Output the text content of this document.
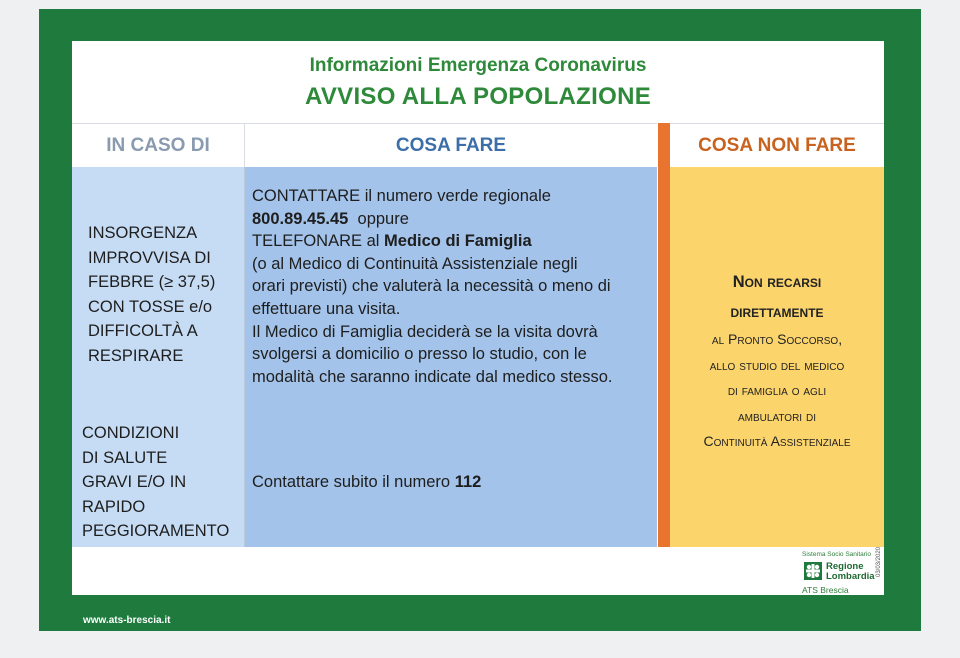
Informazioni Emergenza Coronavirus
AVVISO ALLA POPOLAZIONE
IN CASO DI	COSA FARE	COSA NON FARE
INSORGENZA
IMPROVVISA DI
FEBBRE (≥ 37,5)
CON TOSSE e/o
DIFFICOLTÀ A
RESPIRARE
CONTATTARE il numero verde regionale
800.89.45.45 oppure
TELEFONARE al Medico di Famiglia
(o al Medico di Continuità Assistenziale negli
orari previsti) che valuterà la necessità o meno di
effettuare una visita.
Il Medico di Famiglia deciderà se la visita dovrà
svolgersi a domicilio o presso lo studio, con le
modalità che saranno indicate dal medico stesso.
CONDIZIONI
DI SALUTE
GRAVI E/O IN
RAPIDO
PEGGIORAMENTO
Contattare subito il numero 112
Non recarsi
direttamente
al Pronto Soccorso,
allo studio del medico
di famiglia o agli
ambulatori di
Continuità Assistenziale
Sistema Socio Sanitario
Regione
Lombardia
ATS Brescia
03/03/2020
www.ats-brescia.it
